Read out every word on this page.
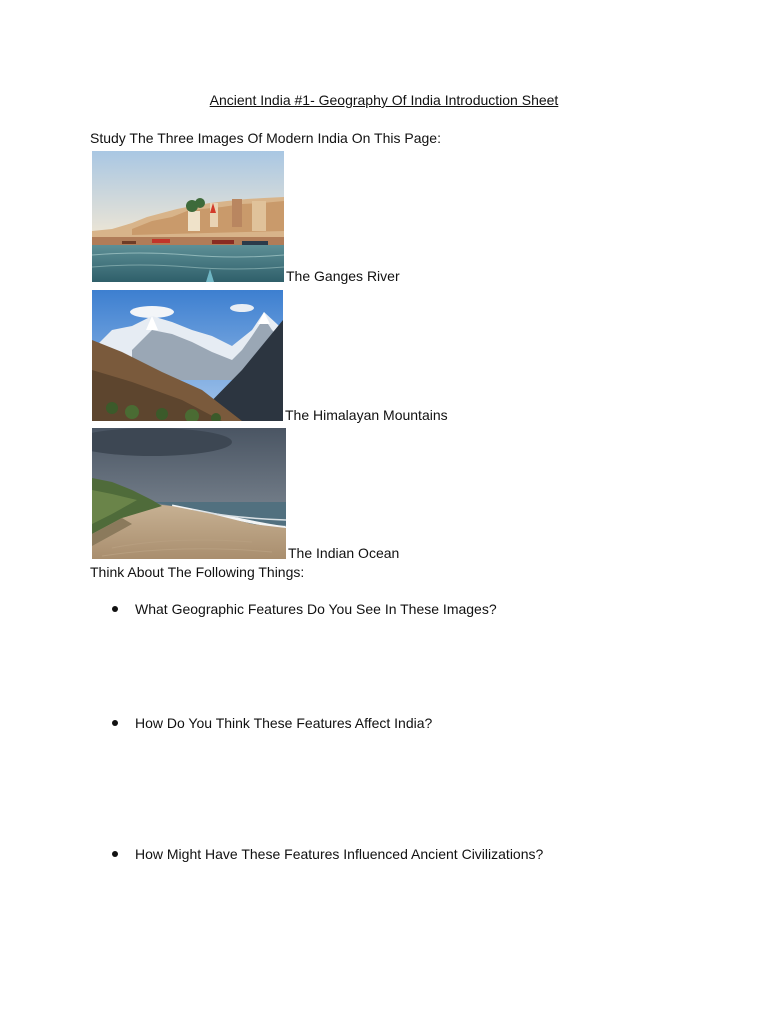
Ancient India #1- Geography Of India Introduction Sheet
Study The Three Images Of Modern India On This Page:
The Ganges River
The Himalayan Mountains
The Indian Ocean
Think About The Following Things:
What Geographic Features Do You See In These Images?
How Do You Think These Features Affect India?
How Might Have These Features Influenced Ancient Civilizations?
